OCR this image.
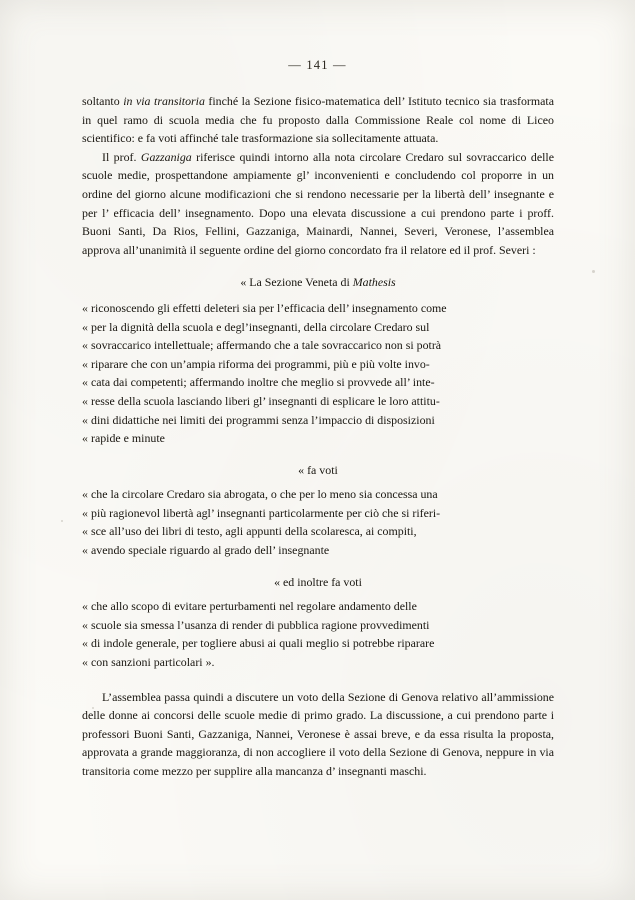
— 141 —

soltanto in via transitoria finché la Sezione fisico-matematica dell’ Istituto tecnico sia trasformata in quel ramo di scuola media che fu proposto dalla Commissione Reale col nome di Liceo scientifico: e fa voti affinché tale trasformazione sia sollecitamente attuata.

Il prof. Gazzaniga riferisce quindi intorno alla nota circolare Credaro sul sovraccarico delle scuole medie, prospettandone ampiamente gl’ inconvenienti e concludendo col proporre in un ordine del giorno alcune modificazioni che si rendono necessarie per la libertà dell’ insegnante e per l’ efficacia dell’ insegnamento. Dopo una elevata discussione a cui prendono parte i proff. Buoni Santi, Da Rios, Fellini, Gazzaniga, Mainardi, Nannei, Severi, Veronese, l’assemblea approva all’unanimità il seguente ordine del giorno concordato fra il relatore ed il prof. Severi :

« La Sezione Veneta di Mathesis

« riconoscendo gli effetti deleteri sia per l’efficacia dell’ insegnamento come

« per la dignità della scuola e degl’insegnanti, della circolare Credaro sul

« sovraccarico intellettuale; affermando che a tale sovraccarico non si potrà

« riparare che con un’ampia riforma dei programmi, più e più volte invo-

« cata dai competenti; affermando inoltre che meglio si provvede all’ inte-

« resse della scuola lasciando liberi gl’ insegnanti di esplicare le loro attitu-

« dini didattiche nei limiti dei programmi senza l’impaccio di disposizioni

« rapide e minute

« fa voti

« che la circolare Credaro sia abrogata, o che per lo meno sia concessa una

« più ragionevol libertà agl’ insegnanti particolarmente per ciò che si riferi-

« sce all’uso dei libri di testo, agli appunti della scolaresca, ai compiti,

« avendo speciale riguardo al grado dell’ insegnante

« ed inoltre fa voti

« che allo scopo di evitare perturbamenti nel regolare andamento delle

« scuole sia smessa l’usanza di render di pubblica ragione provvedimenti

« di indole generale, per togliere abusi ai quali meglio si potrebbe riparare

« con sanzioni particolari ».

L’assemblea passa quindi a discutere un voto della Sezione di Genova relativo all’ammissione delle donne ai concorsi delle scuole medie di primo grado. La discussione, a cui prendono parte i professori Buoni Santi, Gazzaniga, Nannei, Veronese è assai breve, e da essa risulta la proposta, approvata a grande maggioranza, di non accogliere il voto della Sezione di Genova, neppure in via transitoria come mezzo per supplire alla mancanza d’ insegnanti maschi.
